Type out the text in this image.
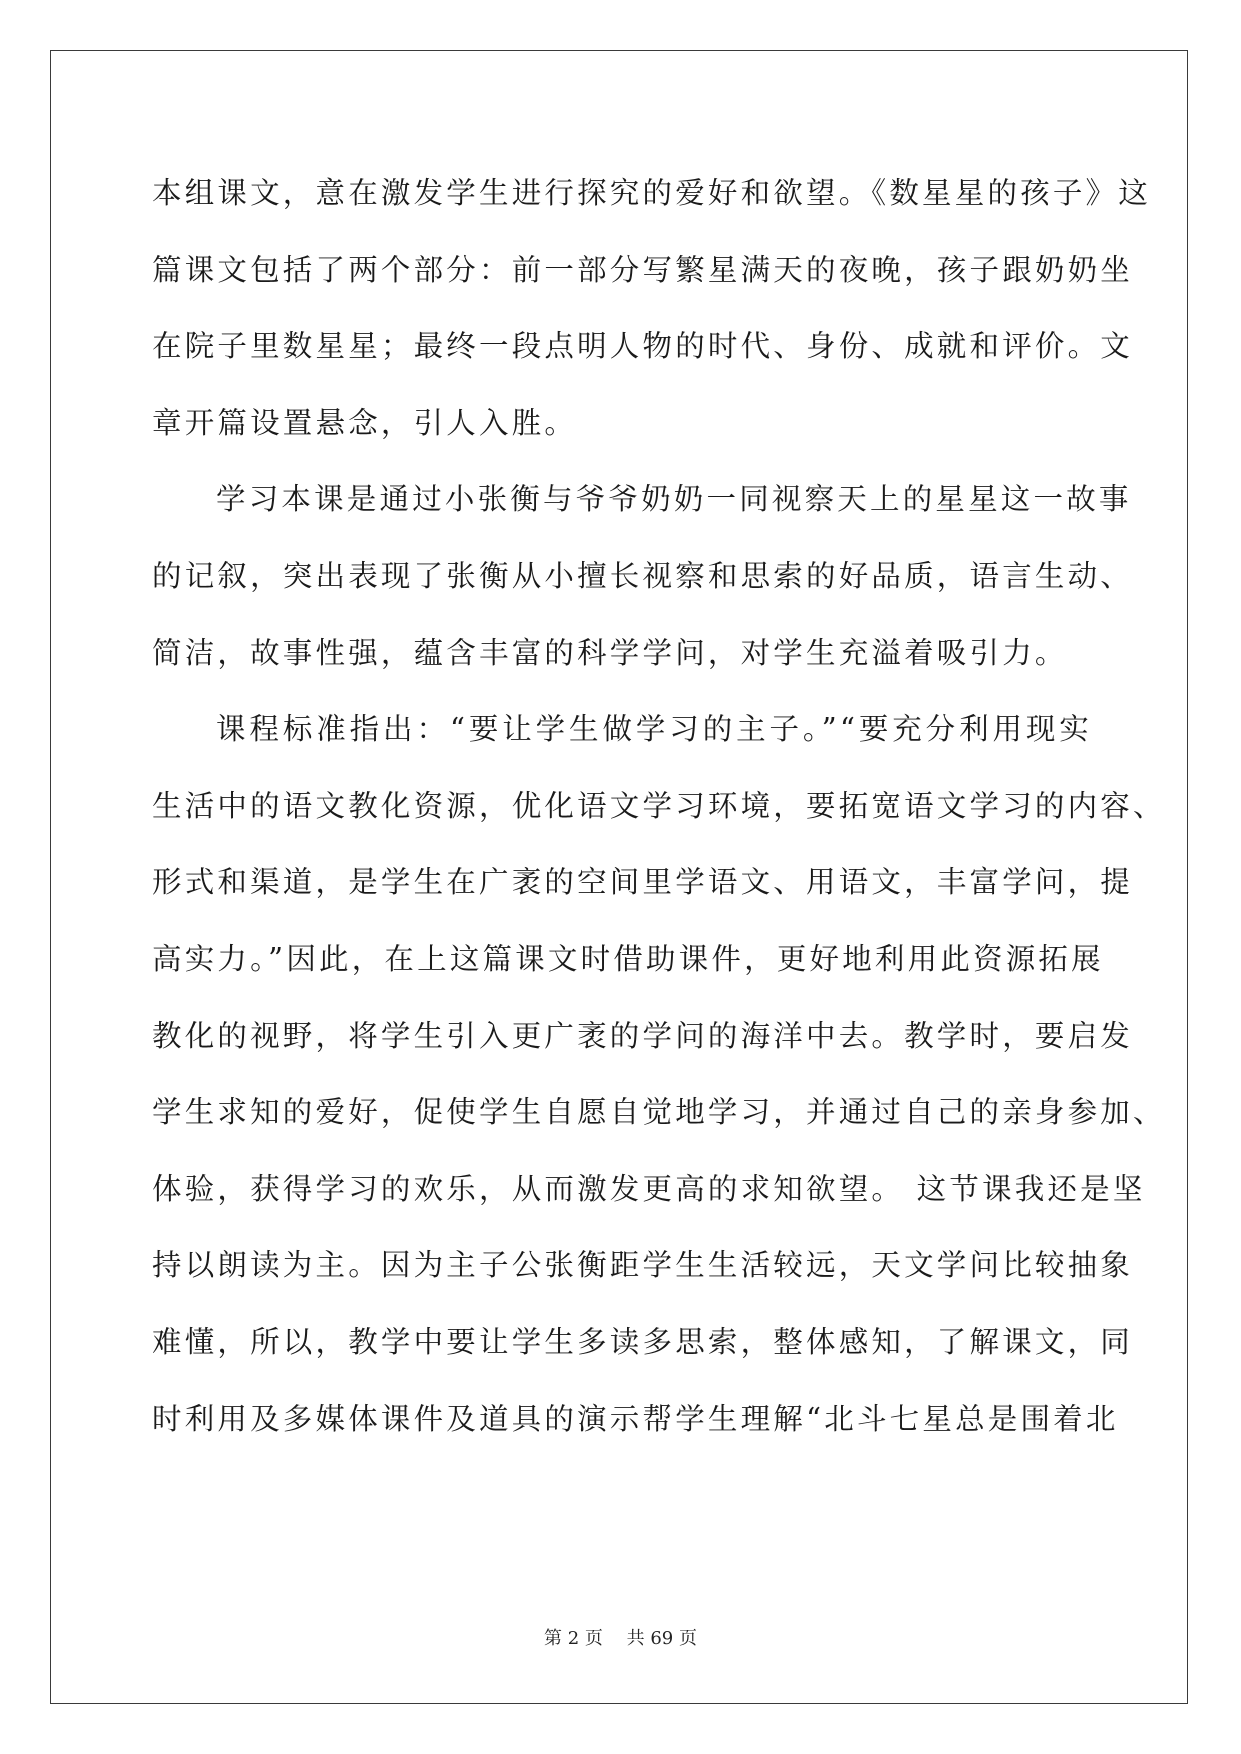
本组课文，意在激发学生进行探究的爱好和欲望。《数星星的孩子》这
篇课文包括了两个部分：前一部分写繁星满天的夜晚，孩子跟奶奶坐
在院子里数星星；最终一段点明人物的时代、身份、成就和评价。文
章开篇设置悬念，引人入胜。
学习本课是通过小张衡与爷爷奶奶一同视察天上的星星这一故事
的记叙，突出表现了张衡从小擅长视察和思索的好品质，语言生动、
简洁，故事性强，蕴含丰富的科学学问，对学生充溢着吸引力。
课程标准指出：“要让学生做学习的主子。”“要充分利用现实
生活中的语文教化资源，优化语文学习环境，要拓宽语文学习的内容、
形式和渠道，是学生在广袤的空间里学语文、用语文，丰富学问，提
高实力。”因此，在上这篇课文时借助课件，更好地利用此资源拓展
教化的视野，将学生引入更广袤的学问的海洋中去。教学时，要启发
学生求知的爱好，促使学生自愿自觉地学习，并通过自己的亲身参加、
体验，获得学习的欢乐，从而激发更高的求知欲望。 这节课我还是坚
持以朗读为主。因为主子公张衡距学生生活较远，天文学问比较抽象
难懂，所以，教学中要让学生多读多思索，整体感知，了解课文，同
时利用及多媒体课件及道具的演示帮学生理解“北斗七星总是围着北
第 2 页　 共 69 页
